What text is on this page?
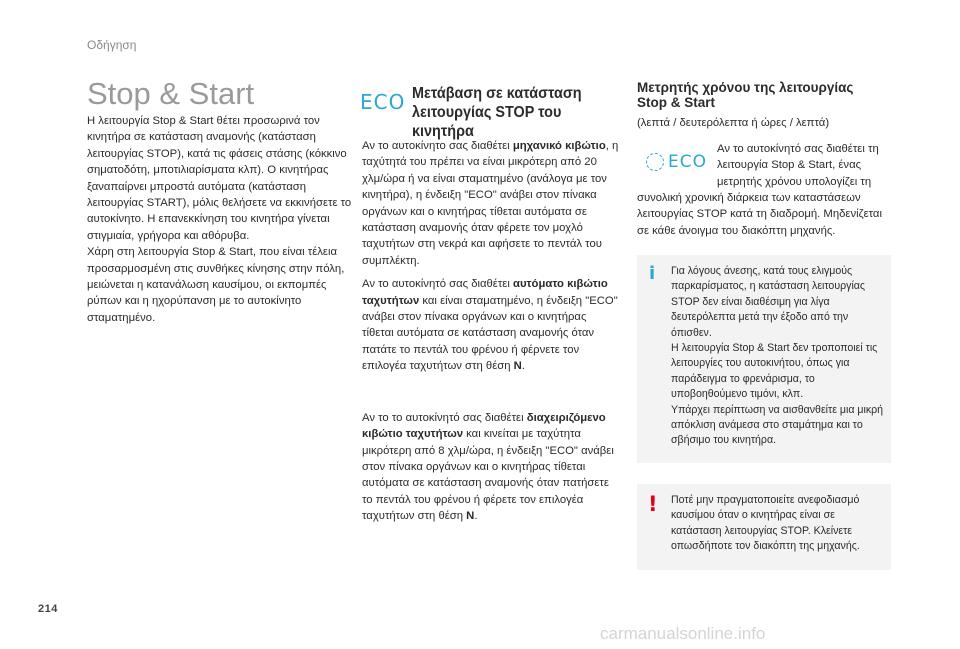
Οδήγηση
Stop & Start

Η λειτουργία Stop & Start θέτει προσωρινά τον κινητήρα σε κατάσταση αναμονής (κατάσταση λειτουργίας STOP), κατά τις φάσεις στάσης (κόκκινο σηματοδότη, μποτιλιαρίσματα κλπ). Ο κινητήρας ξαναπαίρνει μπροστά αυτόματα (κατάσταση λειτουργίας START), μόλις θελήσετε να εκκινήσετε το αυτοκίνητο. Η επανεκκίνηση του κινητήρα γίνεται στιγμιαία, γρήγορα και αθόρυβα.

Χάρη στη λειτουργία Stop & Start, που είναι τέλεια προσαρμοσμένη στις συνθήκες κίνησης στην πόλη, μειώνεται η κατανάλωση καυσίμου, οι εκπομπές ρύπων και η ηχορύπανση με το αυτοκίνητο σταματημένο.

ECO Μετάβαση σε κατάσταση λειτουργίας STOP του κινητήρα

Αν το αυτοκίνητο σας διαθέτει μηχανικό κιβώτιο, η ταχύτητά του πρέπει να είναι μικρότερη από 20 χλμ/ώρα ή να είναι σταματημένο (ανάλογα με τον κινητήρα), η ένδειξη "ECO" ανάβει στον πίνακα οργάνων και ο κινητήρας τίθεται αυτόματα σε κατάσταση αναμονής όταν φέρετε τον μοχλό ταχυτήτων στη νεκρά και αφήσετε το πεντάλ του συμπλέκτη.

Αν το αυτοκίνητό σας διαθέτει αυτόματο κιβώτιο ταχυτήτων και είναι σταματημένο, η ένδειξη "ECO" ανάβει στον πίνακα οργάνων και ο κινητήρας τίθεται αυτόματα σε κατάσταση αναμονής όταν πατάτε το πεντάλ του φρένου ή φέρνετε τον επιλογέα ταχυτήτων στη θέση N.

Αν το το αυτοκίνητό σας διαθέτει διαχειριζόμενο κιβώτιο ταχυτήτων και κινείται με ταχύτητα μικρότερη από 8 χλμ/ώρα, η ένδειξη "ECO" ανάβει στον πίνακα οργάνων και ο κινητήρας τίθεται αυτόματα σε κατάσταση αναμονής όταν πατήσετε το πεντάλ του φρένου ή φέρετε τον επιλογέα ταχυτήτων στη θέση N.

Μετρητής χρόνου της λειτουργίας Stop & Start
(λεπτά / δευτερόλεπτα ή ώρες / λεπτά)
ECO
Αν το αυτοκίνητό σας διαθέτει τη λειτουργία Stop & Start, ένας μετρητής χρόνου υπολογίζει τη
συνολική χρονική διάρκεια των καταστάσεων λειτουργίας STOP κατά τη διαδρομή. Μηδενίζεται σε κάθε άνοιγμα του διακόπτη μηχανής.
i Για λόγους άνεσης, κατά τους ελιγμούς παρκαρίσματος, η κατάσταση λειτουργίας STOP δεν είναι διαθέσιμη για λίγα δευτερόλεπτα μετά την έξοδο από την όπισθεν.
Η λειτουργία Stop & Start δεν τροποποιεί τις λειτουργίες του αυτοκινήτου, όπως για παράδειγμα το φρενάρισμα, το υποβοηθούμενο τιμόνι, κλπ.
Υπάρχει περίπτωση να αισθανθείτε μια μικρή απόκλιση ανάμεσα στο σταμάτημα και το σβήσιμο του κινητήρα.
! Ποτέ μην πραγματοποιείτε ανεφοδιασμό καυσίμου όταν ο κινητήρας είναι σε κατάσταση λειτουργίας STOP. Κλείνετε οπωσδήποτε τον διακόπτη της μηχανής.
214
carmanualsonline.info
